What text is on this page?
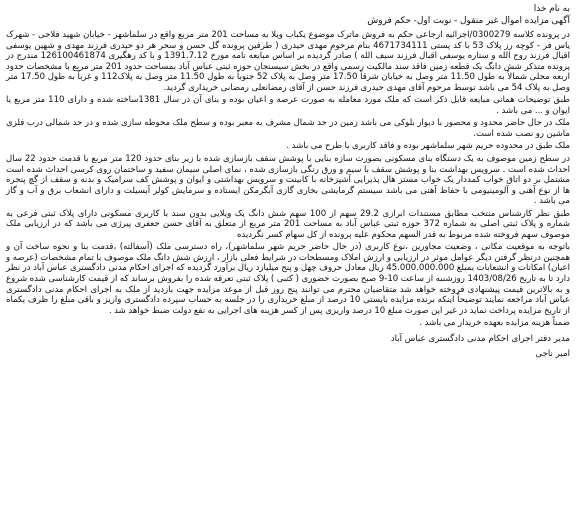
به نام خدا
آگهی مزایده اموال غیر منقول - نوبت اول- حکم فروش

در پرونده کلاسه 0300279/اجرائیه ارجاعی حکم به فروش ماترک موضوع یکباب ویلا به مساحت 201 متر مربع واقع در سلماشهر - خیابان شهید فلاحی - شهرک یاس فر - کوچه رز پلاک 53 با کد پستی 4671734111 بنام مرحوم مهدی حیدری ( طرفین پرونده گل حسن و سحر هر دو حیدری فرزند مهدی و شهین یوسفی اقبال فرزند روح الله و ستاره یوسفی اقبال فرزند سیف الله ) صادر گردیده بر اساس مبایعه نامه مورخ 1391.7.12 و با کد رهگیری 126100461874 مندرج در پرونده متذکر شش دانگ یک قطعه زمین فاقد سند مالکیت رسمی واقع در بخش سیسنجان حوزه ثبتی عباس آباد بمساحت حدود 201 متر مربع با مشخصات حدود اربعه محلی شمالاً به طول 11.50 متر وصل به خیابان شرقاً 17.50 متر وصل به پلاک 52 جنوباً به طول 11.50 متر وصل به پلاک112 و غرباً به طول 17.50 متر وصل به پلاک 54 می باشد توسط مرحوم آقای مهدی حیدری فرزند حسن از آقای رمضانعلی رمضانی خریداری گردید.

طبق توضیحات همانی مبایعه قابل ذکر است که ملک مورد معامله به صورت عرصه و اعیان بوده و بنای آن در سال 1381ساخته شده و دارای 110 متر مربع یا ایوان و ... می باشد .

ملک در حال حاضر محدود و محصور با دیوار بلوکی می باشد زمین در حد شمال مشرف به معبر بوده و سطح ملک محوطه سازی شده و در حد شمالی درب فلزی ماشین رو نصب شده است.

ملک طبق در محدوده حریم شهر سلماشهر بوده و فاقد کاربری یا طرح می باشد .

در سطح زمین موصوف به یک دستگاه بنای مسکونی بصورت سازه بنایی با پوشش سقف بازسازی شده با زیر بنای حدود 120 متر مربع با قدمت حدود 22 سال احداث شده است . سرویس بهداشت بنا و پوشش سقف با سیم و ورق رنگی بازسازی شده ، نمای اصلی سیمان سفید و ساختمان روی کرسی احداث شده است مشتمل بر دو اتاق خواب کمددار یک خواب مستر هال پذیرایی آشپزخانه با کابینت و سرویس بهداشتی و ایوان و پوشش کف سرامیک و بدنه و سقف از گچ پنجره ها از نوع آهنی و آلومینیومی با حفاظ آهنی می باشد سیستم گرمایشی بخاری گازی آبگرمکن ایستاده و سرمایش کولر آبسیلت و دارای انشعاب برق و آب و گاز می باشد .

طبق نظر کارشناس منتخب مطابق مستندات ابرازی 29.2 سهم از 100 سهم شش دانگ یک ویلایی بدون سند با کاربری مسکونی دارای پلاک ثبتی فرعی به شماره و پلاک ثبتی اصلی به شماره 372 حوزه ثبتی عباس آباد به مساحت 201 متر مربع از متعلق به آقای حسن جعفری پیرژی می باشد که در ارزیابی ملک موصوف سهم فروخته شده مربوط به قدر السهم محکوم علیه پرونده از کل سهام کسر نگردیده

باتوجه به موقعیت مکانی ، وضعیت مجاورین ،نوع کاربری (در حال حاضر حریم شهر سلماشهر)، راه دسترسی ملک (آسفالته) ،قدمت بنا و نحوه ساخت آن و همچنین درنظر گرفتن دیگر عوامل موثر در ارزیابی و ارزش املاک ومسطحات در شرایط فعلی بازار ، ارزش شش دانگ ملک موصوف با تمام مشخصات (عرصه و اعیان) امکانات و انشعابات بمبلغ 45.000.000.000 ریال معادل حروف چهل و پنج میلیارد ریال برآورد گردیده که اجرای احکام مدنی دادگستری عباس آباد در نظر دارد تا به تاریخ 1403/08/26 روزشنبه از ساعت 10-9 صبح بصورت حضوری ( کتبی ) پلاک ثبتی تعرفه شده را بفروش برساند که از قیمت کارشناسی شده شروع و به بالاترین قیمت پیشنهادی فروخته خواهد شد متقاضیان محترم می توانند پنج روز قبل از موعد مزایده جهت بازدید از ملک به اجرای احکام مدنی دادگستری عباس آباد مراجعه نمایند توضیحاً اینکه برنده مزایده بایستی 10 درصد از مبلغ خریداری را در جلسه به حساب سپرده دادگستری واریز و باقی مبلغ را ظرف یکماه از تاریخ مزایده پرداخت نماید در غیر این صورت مبلغ 10 درصد واریزی پس از کسر هزینه های اجرایی به نفع دولت ضبط خواهد شد .

ضمناً هزینه مزایده بعهده خریدار می باشد .

مدیر دفتر اجرای احکام مدنی دادگستری عباس آباد
امیر ناجی
